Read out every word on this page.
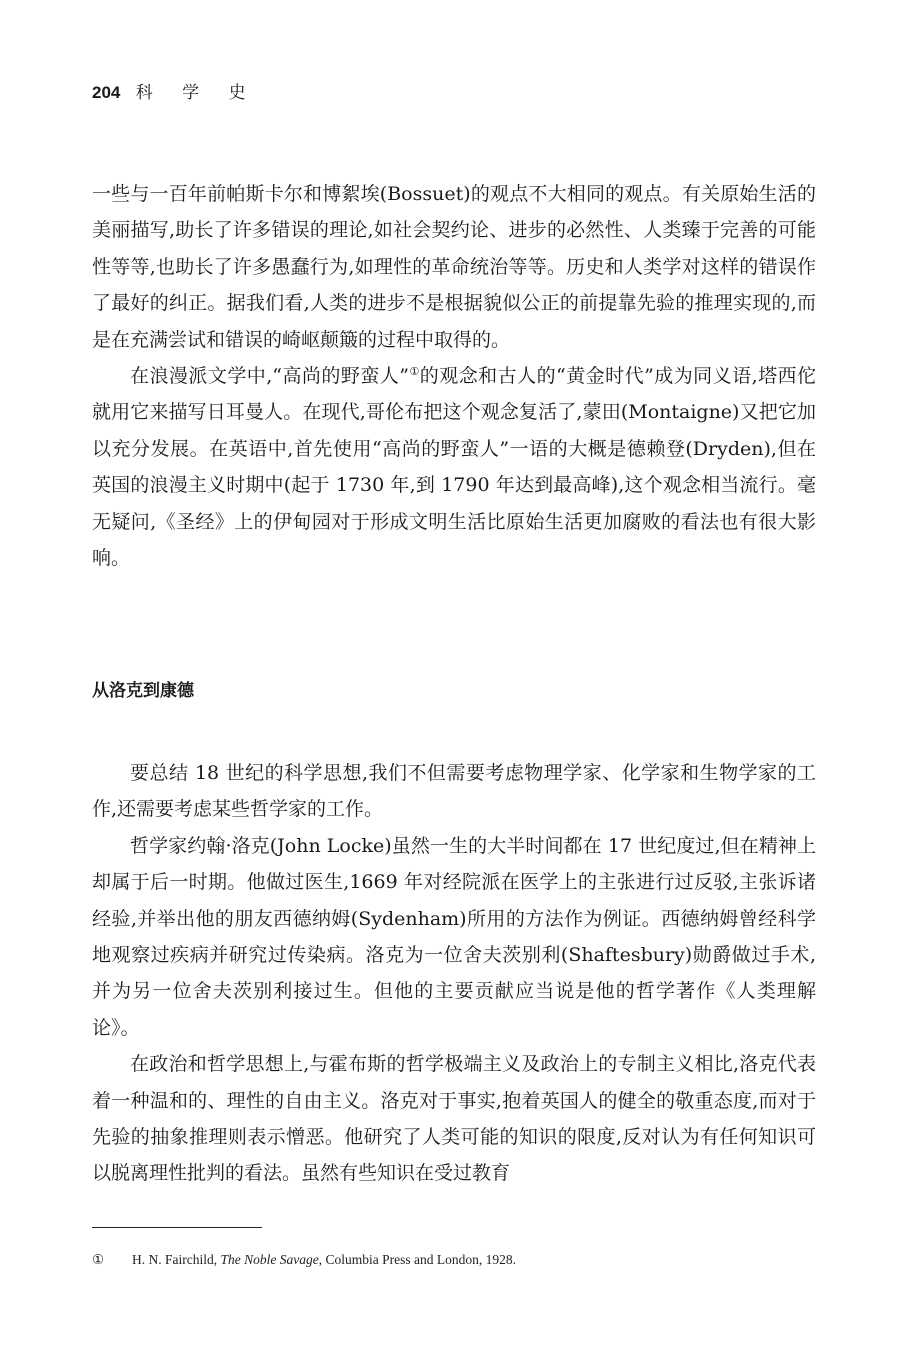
204 科 学 史

一些与一百年前帕斯卡尔和博絮埃(Bossuet)的观点不大相同的观点。有关原始生活的美丽描写,助长了许多错误的理论,如社会契约论、进步的必然性、人类臻于完善的可能性等等,也助长了许多愚蠢行为,如理性的革命统治等等。历史和人类学对这样的错误作了最好的纠正。据我们看,人类的进步不是根据貌似公正的前提靠先验的推理实现的,而是在充满尝试和错误的崎岖颠簸的过程中取得的。

在浪漫派文学中,“高尚的野蛮人”①的观念和古人的“黄金时代”成为同义语,塔西佗就用它来描写日耳曼人。在现代,哥伦布把这个观念复活了,蒙田(Montaigne)又把它加以充分发展。在英语中,首先使用“高尚的野蛮人”一语的大概是德赖登(Dryden),但在英国的浪漫主义时期中(起于 1730 年,到 1790 年达到最高峰),这个观念相当流行。毫无疑问,《圣经》上的伊甸园对于形成文明生活比原始生活更加腐败的看法也有很大影响。

从洛克到康德

要总结 18 世纪的科学思想,我们不但需要考虑物理学家、化学家和生物学家的工作,还需要考虑某些哲学家的工作。

哲学家约翰·洛克(John Locke)虽然一生的大半时间都在 17 世纪度过,但在精神上却属于后一时期。他做过医生,1669 年对经院派在医学上的主张进行过反驳,主张诉诸经验,并举出他的朋友西德纳姆(Sydenham)所用的方法作为例证。西德纳姆曾经科学地观察过疾病并研究过传染病。洛克为一位舍夫茨别利(Shaftesbury)勋爵做过手术,并为另一位舍夫茨别利接过生。但他的主要贡献应当说是他的哲学著作《人类理解论》。

在政治和哲学思想上,与霍布斯的哲学极端主义及政治上的专制主义相比,洛克代表着一种温和的、理性的自由主义。洛克对于事实,抱着英国人的健全的敬重态度,而对于先验的抽象推理则表示憎恶。他研究了人类可能的知识的限度,反对认为有任何知识可以脱离理性批判的看法。虽然有些知识在受过教育

① H. N. Fairchild, The Noble Savage, Columbia Press and London, 1928.
